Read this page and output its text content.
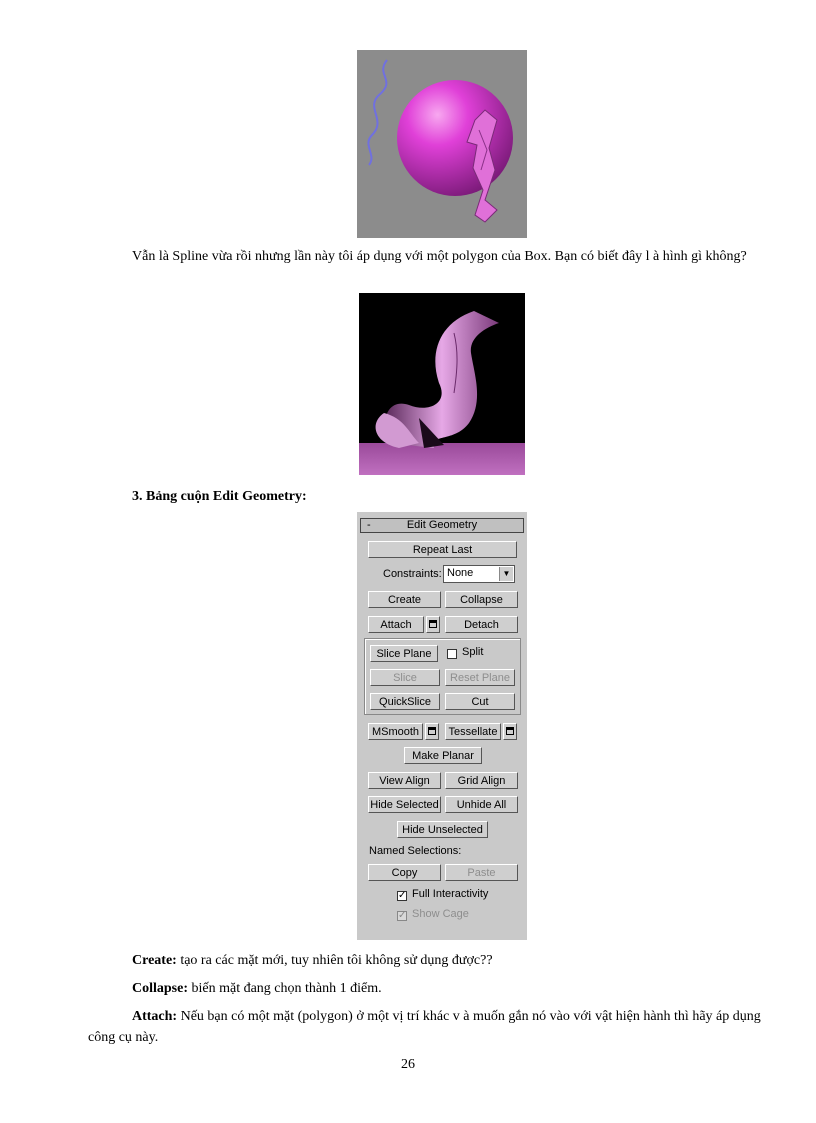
Vẫn là Spline vừa rồi nhưng lần này tôi áp dụng với một polygon của Box. Bạn có biết đây l à hình gì không?
3. Bảng cuộn Edit Geometry:
-	Edit Geometry
Repeat Last
Constraints: None	▼
Create	Collapse
Attach	Detach
Slice Plane	Split
Slice	Reset Plane
QuickSlice	Cut
MSmooth	Tessellate
Make Planar
View Align	Grid Align
Hide Selected	Unhide All
Hide Unselected
Named Selections:
Copy	Paste
✓ Full Interactivity
✓ Show Cage
Create: tạo ra các mặt mới, tuy nhiên tôi không sử dụng được??
Collapse: biến mặt đang chọn thành 1 điểm.
Attach: Nếu bạn có một mặt (polygon) ở một vị trí khác v à muốn gắn nó vào với vật hiện hành thì hãy áp dụng công cụ này.
26
